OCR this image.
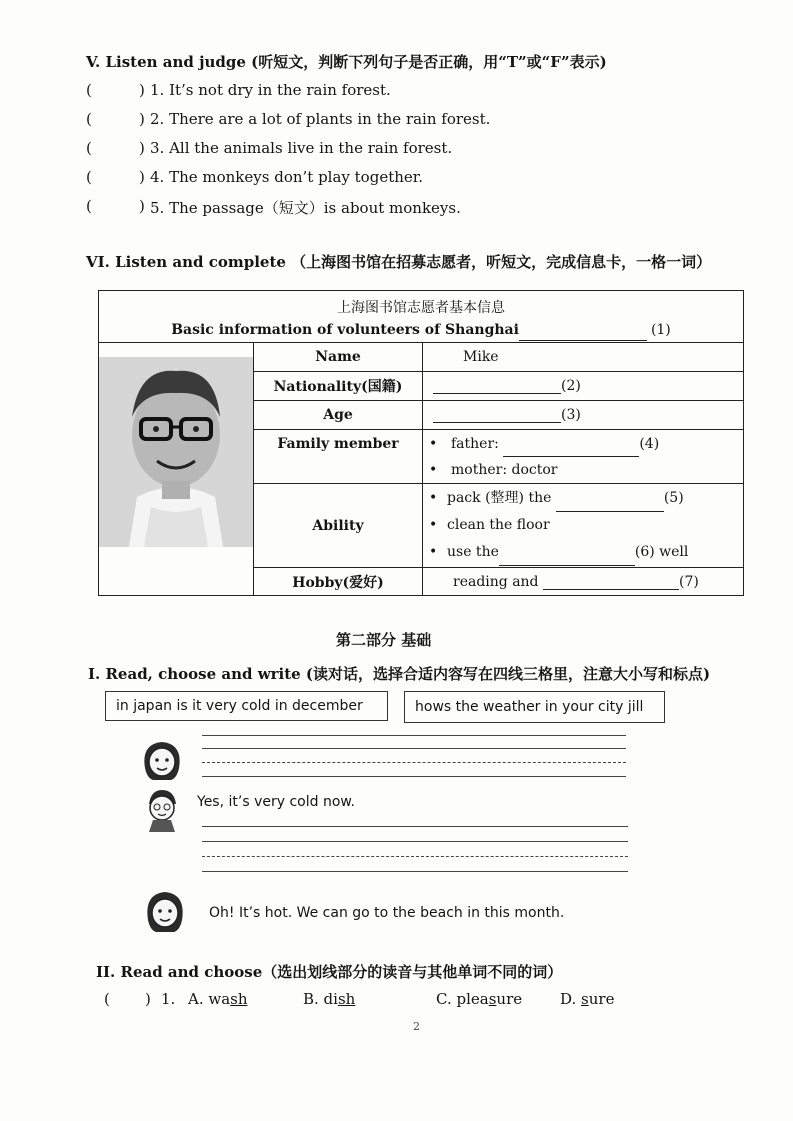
V. Listen and judge (听短文，判断下列句子是否正确，用“T”或“F”表示)
(	) 1. It’s not dry in the rain forest.
(	) 2. There are a lot of plants in the rain forest.
(	) 3. All the animals live in the rain forest.
(	) 4. The monkeys don’t play together.
(	) 5. The passage（短文）is about monkeys.
VI. Listen and complete （上海图书馆在招募志愿者，听短文，完成信息卡，一格一词）
上海图书馆志愿者基本信息
Basic information of volunteers of Shanghai (1)		

	Name	Mike
	Nationality(国籍)	(2)
	Age	(3)
	Family member	• father: (4)
• mother: doctor

	Ability	• pack (整理) the (5)
• clean the floor
• use the (6) well

	Hobby(爱好)	reading and (7)
第二部分 基础
I. Read, choose and write (读对话，选择合适内容写在四线三格里，注意大小写和标点)
in japan is it very cold in december	hows the weather in your city jill
Yes, it’s very cold now.
Oh! It’s hot. We can go to the beach in this month.
II. Read and choose（选出划线部分的读音与其他单词不同的词）
( ) 1. A. wash	B. dish	C. pleasure	D. sure
2
